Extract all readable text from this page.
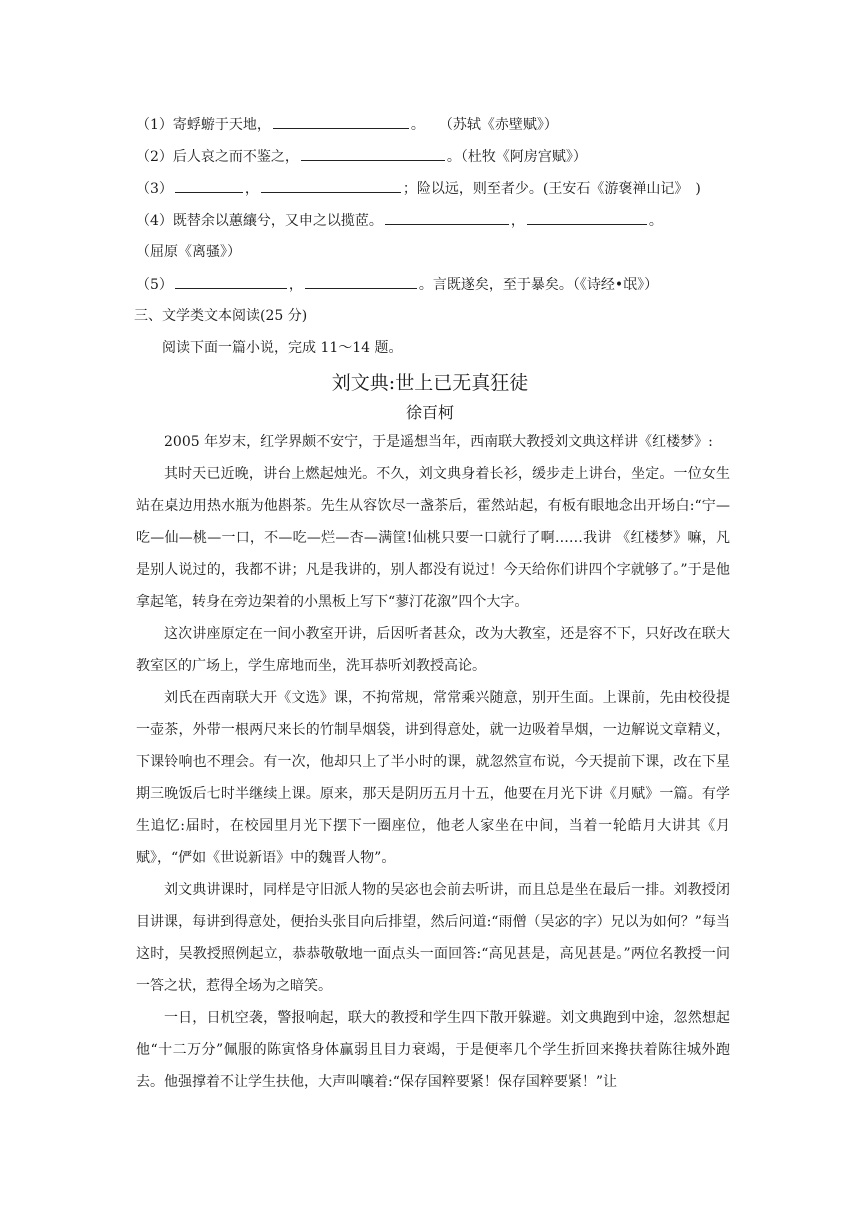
（1）寄蜉蝣于天地，	。　　（苏轼《赤壁赋》）
（2）后人哀之而不鉴之，	。（杜牧《阿房宫赋》）
（3）	，	；险以远，则至者少。(王安石《游褒禅山记》　)
（4）既替余以蕙纕兮，又申之以揽茝。	，	。
（屈原《离骚》）
（5）	，	。言既遂矣，至于暴矣。（《诗经•氓》）
三、文学类文本阅读(25 分)
阅读下面一篇小说，完成 11～14 题。
刘文典:世上已无真狂徒
徐百柯
2005 年岁末，红学界颇不安宁，于是遥想当年，西南联大教授刘文典这样讲《红楼梦》:
其时天已近晚，讲台上燃起烛光。不久，刘文典身着长衫，缓步走上讲台，坐定。一位女生站在桌边用热水瓶为他斟茶。先生从容饮尽一盏茶后，霍然站起，有板有眼地念出开场白:“宁—吃—仙—桃—一口，不—吃—烂—杏—满筐!仙桃只要一口就行了啊……我讲 《红楼梦》嘛，凡是别人说过的，我都不讲；凡是我讲的，别人都没有说过！今天给你们讲四个字就够了。”于是他拿起笔，转身在旁边架着的小黑板上写下“蓼汀花溆”四个大字。
这次讲座原定在一间小教室开讲，后因听者甚众，改为大教室，还是容不下，只好改在联大教室区的广场上，学生席地而坐，洗耳恭听刘教授高论。
刘氏在西南联大开《文选》课，不拘常规，常常乘兴随意，别开生面。上课前，先由校役提一壶茶，外带一根两尺来长的竹制旱烟袋，讲到得意处，就一边吸着旱烟，一边解说文章精义，下课铃响也不理会。有一次，他却只上了半小时的课，就忽然宣布说，今天提前下课，改在下星期三晚饭后七时半继续上课。原来，那天是阴历五月十五，他要在月光下讲《月赋》一篇。有学生追忆:届时，在校园里月光下摆下一圈座位，他老人家坐在中间，当着一轮皓月大讲其《月赋》，“俨如《世说新语》中的魏晋人物”。
刘文典讲课时，同样是守旧派人物的吴宓也会前去听讲，而且总是坐在最后一排。刘教授闭目讲课，每讲到得意处，便抬头张目向后排望，然后问道:“雨僧（吴宓的字）兄以为如何？”每当这时，吴教授照例起立，恭恭敬敬地一面点头一面回答:“高见甚是，高见甚是。”两位名教授一问一答之状，惹得全场为之暗笑。
一日，日机空袭，警报响起，联大的教授和学生四下散开躲避。刘文典跑到中途，忽然想起他“十二万分”佩服的陈寅恪身体赢弱且目力衰竭，于是便率几个学生折回来搀扶着陈往城外跑去。他强撑着不让学生扶他，大声叫嚷着:“保存国粹要紧！保存国粹要紧！”让
